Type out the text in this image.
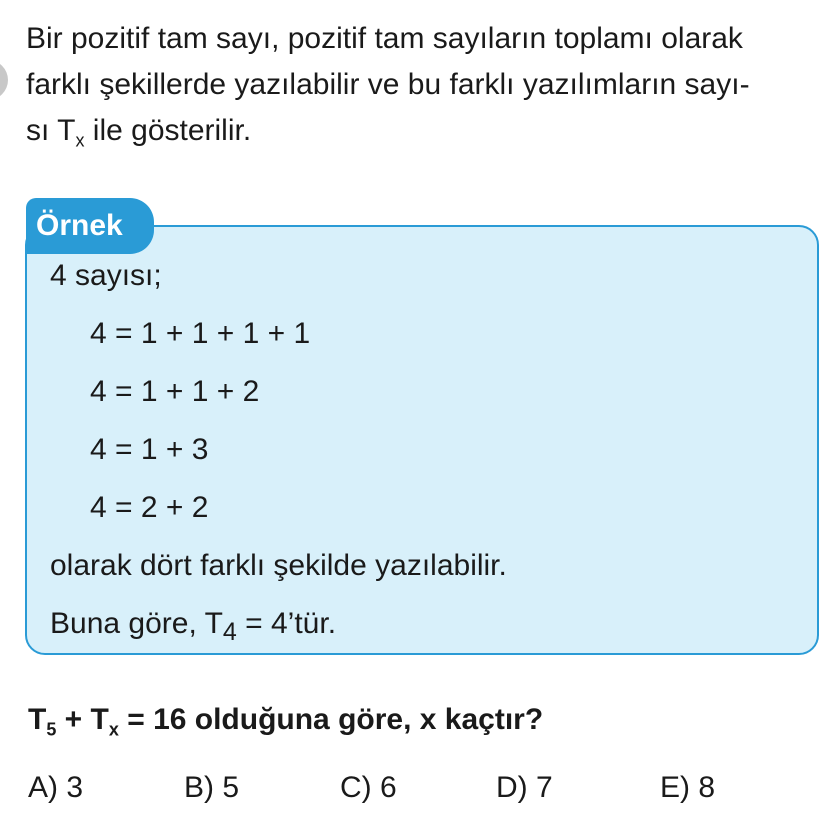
Bir pozitif tam sayı, pozitif tam sayıların toplamı olarak
farklı şekillerde yazılabilir ve bu farklı yazılımların sayı-
sı $T_x$ ile gösterilir.

Örnek
4 sayısı;
4 = 1 + 1 + 1 + 1
4 = 1 + 1 + 2
4 = 1 + 3
4 = 2 + 2
olarak dört farklı şekilde yazılabilir.
Buna göre, $T_4$ = 4’tür.
$T_5 + T_x = 16$ olduğuna göre, x kaçtır?
A) 3	B) 5	C) 6	D) 7	E) 8
